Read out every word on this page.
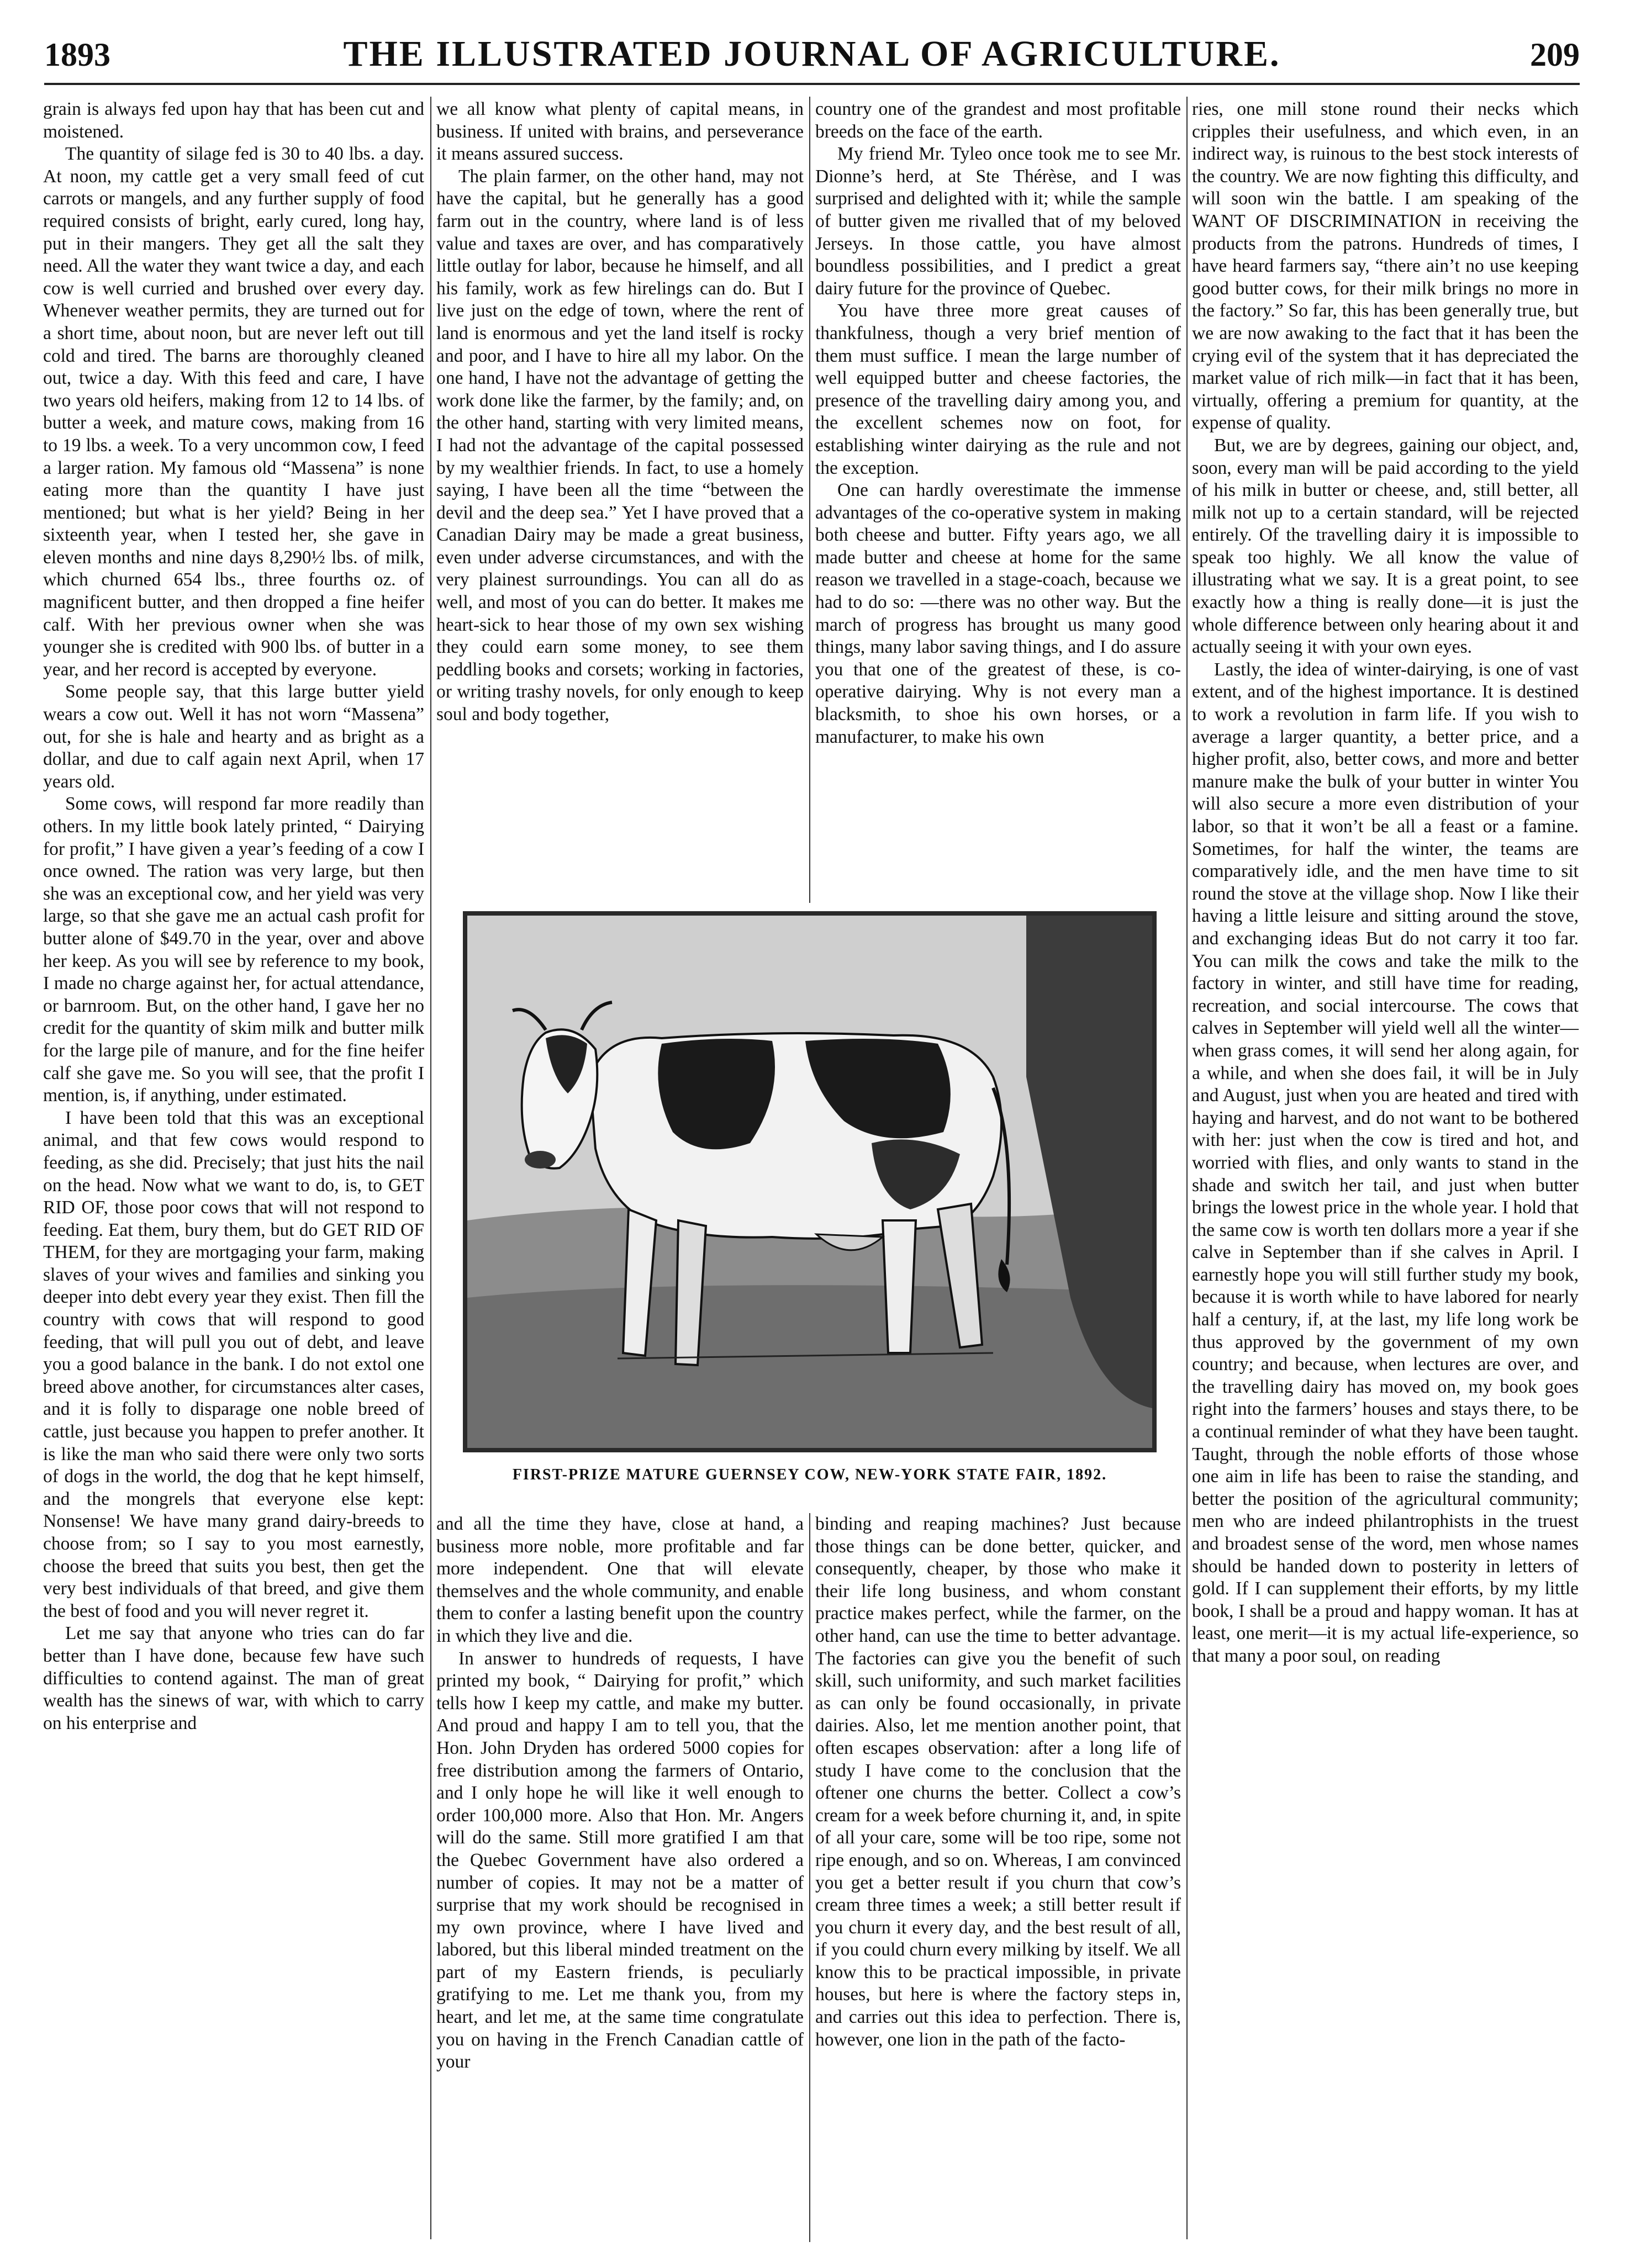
1893	THE ILLUSTRATED JOURNAL OF AGRICULTURE.	209

grain is always fed upon hay that has been cut and moistened.

The quantity of silage fed is 30 to 40 lbs. a day. At noon, my cattle get a very small feed of cut carrots or mangels, and any further supply of food required consists of bright, early cured, long hay, put in their mangers. They get all the salt they need. All the water they want twice a day, and each cow is well curried and brushed over every day. Whenever weather permits, they are turned out for a short time, about noon, but are never left out till cold and tired. The barns are thoroughly cleaned out, twice a day. With this feed and care, I have two years old heifers, making from 12 to 14 lbs. of butter a week, and mature cows, making from 16 to 19 lbs. a week. To a very uncommon cow, I feed a larger ration. My famous old “Massena” is none eating more than the quantity I have just mentioned; but what is her yield? Being in her sixteenth year, when I tested her, she gave in eleven months and nine days 8,290½ lbs. of milk, which churned 654 lbs., three fourths oz. of magnificent butter, and then dropped a fine heifer calf. With her previous owner when she was younger she is credited with 900 lbs. of butter in a year, and her record is accepted by everyone.

Some people say, that this large butter yield wears a cow out. Well it has not worn “Massena” out, for she is hale and hearty and as bright as a dollar, and due to calf again next April, when 17 years old.

Some cows, will respond far more readily than others. In my little book lately printed, “ Dairying for profit,” I have given a year’s feeding of a cow I once owned. The ration was very large, but then she was an exceptional cow, and her yield was very large, so that she gave me an actual cash profit for butter alone of $49.70 in the year, over and above her keep. As you will see by reference to my book, I made no charge against her, for actual attendance, or barnroom. But, on the other hand, I gave her no credit for the quantity of skim milk and butter milk for the large pile of manure, and for the fine heifer calf she gave me. So you will see, that the profit I mention, is, if anything, under estimated.

I have been told that this was an exceptional animal, and that few cows would respond to feeding, as she did. Precisely; that just hits the nail on the head. Now what we want to do, is, to GET RID OF, those poor cows that will not respond to feeding. Eat them, bury them, but do GET RID OF THEM, for they are mortgaging your farm, making slaves of your wives and families and sinking you deeper into debt every year they exist. Then fill the country with cows that will respond to good feeding, that will pull you out of debt, and leave you a good balance in the bank. I do not extol one breed above another, for circumstances alter cases, and it is folly to disparage one noble breed of cattle, just because you happen to prefer another. It is like the man who said there were only two sorts of dogs in the world, the dog that he kept himself, and the mongrels that everyone else kept: Nonsense! We have many grand dairy-breeds to choose from; so I say to you most earnestly, choose the breed that suits you best, then get the very best individuals of that breed, and give them the best of food and you will never regret it.

Let me say that anyone who tries can do far better than I have done, because few have such difficulties to contend against. The man of great wealth has the sinews of war, with which to carry on his enterprise and

we all know what plenty of capital means, in business. If united with brains, and perseverance it means assured success.

The plain farmer, on the other hand, may not have the capital, but he generally has a good farm out in the country, where land is of less value and taxes are over, and has comparatively little outlay for labor, because he himself, and all his family, work as few hirelings can do. But I live just on the edge of town, where the rent of land is enormous and yet the land itself is rocky and poor, and I have to hire all my labor. On the one hand, I have not the advantage of getting the work done like the farmer, by the family; and, on the other hand, starting with very limited means, I had not the advantage of the capital possessed by my wealthier friends. In fact, to use a homely saying, I have been all the time “between the devil and the deep sea.” Yet I have proved that a Canadian Dairy may be made a great business, even under adverse circumstances, and with the very plainest surroundings. You can all do as well, and most of you can do better. It makes me heart-sick to hear those of my own sex wishing they could earn some money, to see them peddling books and corsets; working in factories, or writing trashy novels, for only enough to keep soul and body together,

country one of the grandest and most profitable breeds on the face of the earth.

My friend Mr. Tyleo once took me to see Mr. Dionne’s herd, at Ste Thérèse, and I was surprised and delighted with it; while the sample of butter given me rivalled that of my beloved Jerseys. In those cattle, you have almost boundless possibilities, and I predict a great dairy future for the province of Quebec.

You have three more great causes of thankfulness, though a very brief mention of them must suffice. I mean the large number of well equipped butter and cheese factories, the presence of the travelling dairy among you, and the excellent schemes now on foot, for establishing winter dairying as the rule and not the exception.

One can hardly overestimate the immense advantages of the co-operative system in making both cheese and butter. Fifty years ago, we all made butter and cheese at home for the same reason we travelled in a stage-coach, because we had to do so: —there was no other way. But the march of progress has brought us many good things, many labor saving things, and I do assure you that one of the greatest of these, is co-operative dairying. Why is not every man a blacksmith, to shoe his own horses, or a manufacturer, to make his own

FIRST-PRIZE MATURE GUERNSEY COW, NEW-YORK STATE FAIR, 1892.

and all the time they have, close at hand, a business more noble, more profitable and far more independent. One that will elevate themselves and the whole community, and enable them to confer a lasting benefit upon the country in which they live and die.

In answer to hundreds of requests, I have printed my book, “ Dairying for profit,” which tells how I keep my cattle, and make my butter. And proud and happy I am to tell you, that the Hon. John Dryden has ordered 5000 copies for free distribution among the farmers of Ontario, and I only hope he will like it well enough to order 100,000 more. Also that Hon. Mr. Angers will do the same. Still more gratified I am that the Quebec Government have also ordered a number of copies. It may not be a matter of surprise that my work should be recognised in my own province, where I have lived and labored, but this liberal minded treatment on the part of my Eastern friends, is peculiarly gratifying to me. Let me thank you, from my heart, and let me, at the same time congratulate you on having in the French Canadian cattle of your

binding and reaping machines? Just because those things can be done better, quicker, and consequently, cheaper, by those who make it their life long business, and whom constant practice makes perfect, while the farmer, on the other hand, can use the time to better advantage. The factories can give you the benefit of such skill, such uniformity, and such market facilities as can only be found occasionally, in private dairies. Also, let me mention another point, that often escapes observation: after a long life of study I have come to the conclusion that the oftener one churns the better. Collect a cow’s cream for a week before churning it, and, in spite of all your care, some will be too ripe, some not ripe enough, and so on. Whereas, I am convinced you get a better result if you churn that cow’s cream three times a week; a still better result if you churn it every day, and the best result of all, if you could churn every milking by itself. We all know this to be practical impossible, in private houses, but here is where the factory steps in, and carries out this idea to perfection. There is, however, one lion in the path of the facto-

ries, one mill stone round their necks which cripples their usefulness, and which even, in an indirect way, is ruinous to the best stock interests of the country. We are now fighting this difficulty, and will soon win the battle. I am speaking of the WANT OF DISCRIMINATION in receiving the products from the patrons. Hundreds of times, I have heard farmers say, “there ain’t no use keeping good butter cows, for their milk brings no more in the factory.” So far, this has been generally true, but we are now awaking to the fact that it has been the crying evil of the system that it has depreciated the market value of rich milk—in fact that it has been, virtually, offering a premium for quantity, at the expense of quality.

But, we are by degrees, gaining our object, and, soon, every man will be paid according to the yield of his milk in butter or cheese, and, still better, all milk not up to a certain standard, will be rejected entirely. Of the travelling dairy it is impossible to speak too highly. We all know the value of illustrating what we say. It is a great point, to see exactly how a thing is really done—it is just the whole difference between only hearing about it and actually seeing it with your own eyes.

Lastly, the idea of winter-dairying, is one of vast extent, and of the highest importance. It is destined to work a revolution in farm life. If you wish to average a larger quantity, a better price, and a higher profit, also, better cows, and more and better manure make the bulk of your butter in winter You will also secure a more even distribution of your labor, so that it won’t be all a feast or a famine. Sometimes, for half the winter, the teams are comparatively idle, and the men have time to sit round the stove at the village shop. Now I like their having a little leisure and sitting around the stove, and exchanging ideas But do not carry it too far. You can milk the cows and take the milk to the factory in winter, and still have time for reading, recreation, and social intercourse. The cows that calves in September will yield well all the winter—when grass comes, it will send her along again, for a while, and when she does fail, it will be in July and August, just when you are heated and tired with haying and harvest, and do not want to be bothered with her: just when the cow is tired and hot, and worried with flies, and only wants to stand in the shade and switch her tail, and just when butter brings the lowest price in the whole year. I hold that the same cow is worth ten dollars more a year if she calve in September than if she calves in April. I earnestly hope you will still further study my book, because it is worth while to have labored for nearly half a century, if, at the last, my life long work be thus approved by the government of my own country; and because, when lectures are over, and the travelling dairy has moved on, my book goes right into the farmers’ houses and stays there, to be a continual reminder of what they have been taught. Taught, through the noble efforts of those whose one aim in life has been to raise the standing, and better the position of the agricultural community; men who are indeed philantrophists in the truest and broadest sense of the word, men whose names should be handed down to posterity in letters of gold. If I can supplement their efforts, by my little book, I shall be a proud and happy woman. It has at least, one merit—it is my actual life-experience, so that many a poor soul, on reading
